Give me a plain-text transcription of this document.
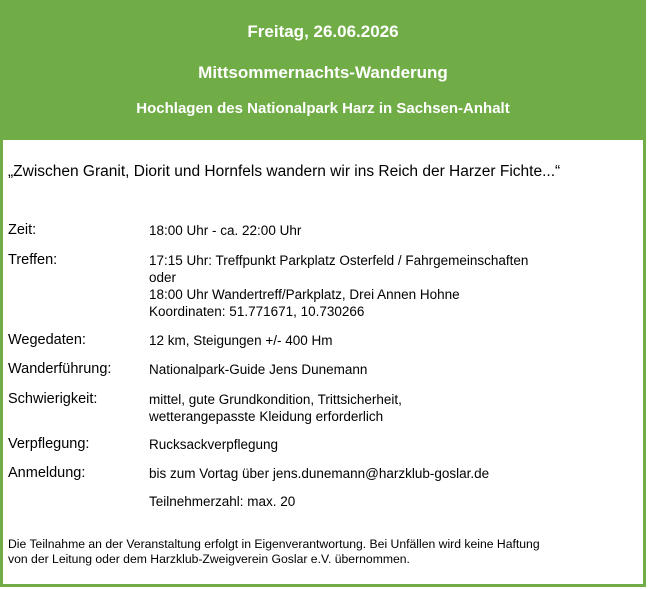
Freitag, 26.06.2026
Mittsommernachts-Wanderung
Hochlagen des Nationalpark Harz in Sachsen-Anhalt
„Zwischen Granit, Diorit und Hornfels wandern wir ins Reich der Harzer Fichte...“
Zeit:	18:00 Uhr - ca. 22:00 Uhr
Treffen:	17:15 Uhr: Treffpunkt Parkplatz Osterfeld / Fahrgemeinschaften
oder
18:00 Uhr Wandertreff/Parkplatz, Drei Annen Hohne
Koordinaten: 51.771671, 10.730266
Wegedaten:	12 km, Steigungen +/- 400 Hm
Wanderführung:	Nationalpark-Guide Jens Dunemann
Schwierigkeit:	mittel, gute Grundkondition, Trittsicherheit,
wetterangepasste Kleidung erforderlich
Verpflegung:	Rucksackverpflegung
Anmeldung:	bis zum Vortag über jens.dunemann@harzklub-goslar.de
Teilnehmerzahl: max. 20
Die Teilnahme an der Veranstaltung erfolgt in Eigenverantwortung. Bei Unfällen wird keine Haftung
von der Leitung oder dem Harzklub-Zweigverein Goslar e.V. übernommen.
